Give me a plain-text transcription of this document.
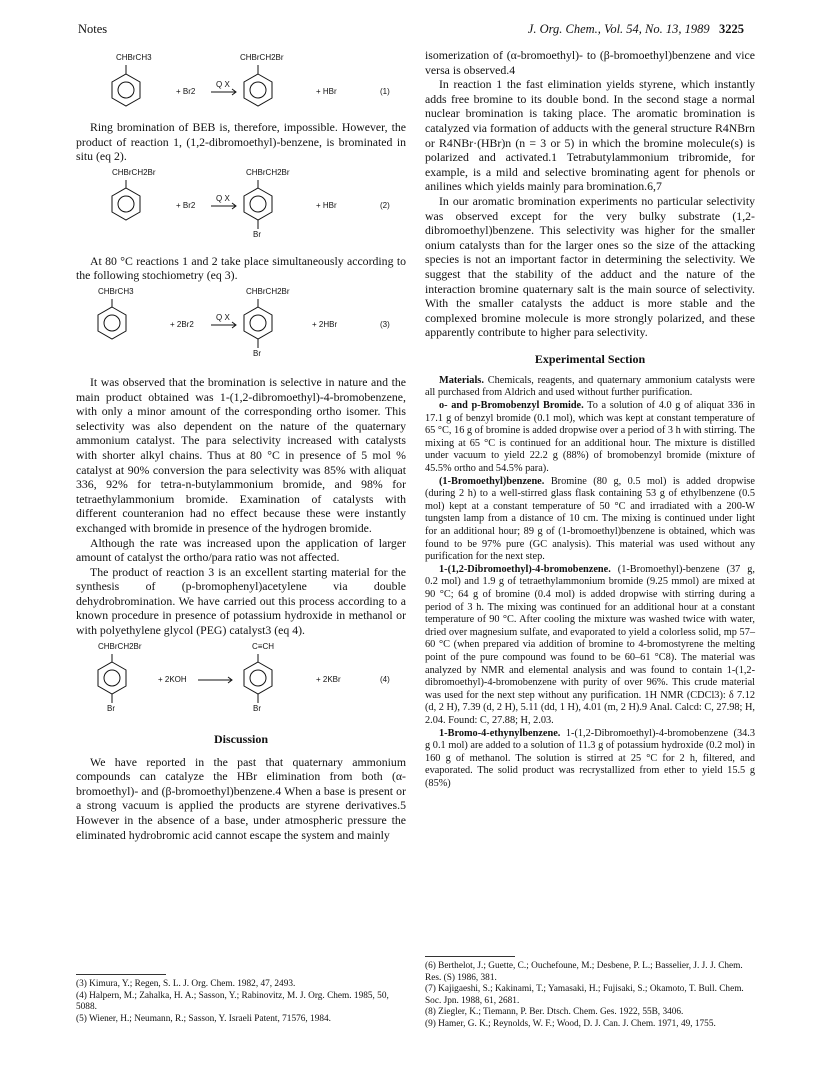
Notes	J. Org. Chem., Vol. 54, No. 13, 1989 3225
CHBrCH3	CHBrCH2Br
+ Br2
Q X
+ HBr	(1)

Ring bromination of BEB is, therefore, impossible. However, the product of reaction 1, (1,2-dibromoethyl)-benzene, is brominated in situ (eq 2).

CHBrCH2Br	CHBrCH2Br
Br
+ Br2
Q X
+ HBr	(2)

At 80 °C reactions 1 and 2 take place simultaneously according to the following stochiometry (eq 3).

CHBrCH3	CHBrCH2Br
Br
+ 2Br2
Q X
+ 2HBr	(3)

It was observed that the bromination is selective in nature and the main product obtained was 1-(1,2-dibromoethyl)-4-bromobenzene, with only a minor amount of the corresponding ortho isomer. This selectivity was also dependent on the nature of the quaternary ammonium catalyst. The para selectivity increased with catalysts with shorter alkyl chains. Thus at 80 °C in presence of 5 mol % catalyst at 90% conversion the para selectivity was 85% with aliquat 336, 92% for tetra-n-butylammonium bromide, and 98% for tetraethylammonium bromide. Examination of catalysts with different counteranion had no effect because these were instantly exchanged with bromide in presence of the hydrogen bromide.

Although the rate was increased upon the application of larger amount of catalyst the ortho/para ratio was not affected.

The product of reaction 3 is an excellent starting material for the synthesis of (p-bromophenyl)acetylene via double dehydrobromination. We have carried out this process according to a known procedure in presence of potassium hydroxide in methanol or with polyethylene glycol (PEG) catalyst3 (eq 4).

CHBrCH2Br	C≡CH
Br	Br
+ 2KOH	+ 2KBr	(4)
Discussion

We have reported in the past that quaternary ammonium compounds can catalyze the HBr elimination from both (α-bromoethyl)- and (β-bromoethyl)benzene.4 When a base is present or a strong vacuum is applied the products are styrene derivatives.5 However in the absence of a base, under atmospheric pressure the eliminated hydrobromic acid cannot escape the system and mainly

(3) Kimura, Y.; Regen, S. L. J. Org. Chem. 1982, 47, 2493.

(4) Halpern, M.; Zahalka, H. A.; Sasson, Y.; Rabinovitz, M. J. Org. Chem. 1985, 50, 5088.

(5) Wiener, H.; Neumann, R.; Sasson, Y. Israeli Patent, 71576, 1984.

isomerization of (α-bromoethyl)- to (β-bromoethyl)benzene and vice versa is observed.4

In reaction 1 the fast elimination yields styrene, which instantly adds free bromine to its double bond. In the second stage a normal nuclear bromination is taking place. The aromatic bromination is catalyzed via formation of adducts with the general structure R4NBrn or R4NBr·(HBr)n (n = 3 or 5) in which the bromine molecule(s) is polarized and activated.1 Tetrabutylammonium tribromide, for example, is a mild and selective brominating agent for phenols or anilines which yields mainly para bromination.6,7

In our aromatic bromination experiments no particular selectivity was observed except for the very bulky substrate (1,2-dibromoethyl)benzene. This selectivity was higher for the smaller onium catalysts than for the larger ones so the size of the attacking species is not an important factor in determining the selectivity. We suggest that the stability of the adduct and the nature of the interaction bromine quaternary salt is the main source of selectivity. With the smaller catalysts the adduct is more stable and the complexed bromine molecule is more strongly polarized, and these apparently contribute to higher para selectivity.

Experimental Section

Materials. Chemicals, reagents, and quaternary ammonium catalysts were all purchased from Aldrich and used without further purification.

o- and p-Bromobenzyl Bromide. To a solution of 4.0 g of aliquat 336 in 17.1 g of benzyl bromide (0.1 mol), which was kept at constant temperature of 65 °C, 16 g of bromine is added dropwise over a period of 3 h with stirring. The mixing at 65 °C is continued for an additional hour. The mixture is distilled under vacuum to yield 22.2 g (88%) of bromobenzyl bromide (mixture of 45.5% ortho and 54.5% para).

(1-Bromoethyl)benzene. Bromine (80 g, 0.5 mol) is added dropwise (during 2 h) to a well-stirred glass flask containing 53 g of ethylbenzene (0.5 mol) kept at a constant temperature of 50 °C and irradiated with a 200-W tungsten lamp from a distance of 10 cm. The mixing is continued under light for an additional hour; 89 g of (1-bromoethyl)benzene is obtained, which was found to be 97% pure (GC analysis). This material was used without any purification for the next step.

1-(1,2-Dibromoethyl)-4-bromobenzene. (1-Bromoethyl)-benzene (37 g, 0.2 mol) and 1.9 g of tetraethylammonium bromide (9.25 mmol) are mixed at 90 °C; 64 g of bromine (0.4 mol) is added dropwise with stirring during a period of 3 h. The mixing was continued for an additional hour at a constant temperature of 90 °C. After cooling the mixture was washed twice with water, dried over magnesium sulfate, and evaporated to yield a colorless solid, mp 57–60 °C (when prepared via addition of bromine to 4-bromostyrene the melting point of the pure compound was found to be 60–61 °C8). The material was analyzed by NMR and elemental analysis and was found to contain 1-(1,2-dibromoethyl)-4-bromobenzene with purity of over 96%. This crude material was used for the next step without any purification. 1H NMR (CDCl3): δ 7.12 (d, 2 H), 7.39 (d, 2 H), 5.11 (dd, 1 H), 4.01 (m, 2 H).9 Anal. Calcd: C, 27.98; H, 2.04. Found: C, 27.88; H, 2.03.

1-Bromo-4-ethynylbenzene. 1-(1,2-Dibromoethyl)-4-bromobenzene (34.3 g 0.1 mol) are added to a solution of 11.3 g of potassium hydroxide (0.2 mol) in 160 g of methanol. The solution is stirred at 25 °C for 2 h, filtered, and evaporated. The solid product was recrystallized from ether to yield 15.5 g (85%)

(6) Berthelot, J.; Guette, C.; Ouchefoune, M.; Desbene, P. L.; Basselier, J. J. J. Chem. Res. (S) 1986, 381.

(7) Kajigaeshi, S.; Kakinami, T.; Yamasaki, H.; Fujisaki, S.; Okamoto, T. Bull. Chem. Soc. Jpn. 1988, 61, 2681.

(8) Ziegler, K.; Tiemann, P. Ber. Dtsch. Chem. Ges. 1922, 55B, 3406.

(9) Hamer, G. K.; Reynolds, W. F.; Wood, D. J. Can. J. Chem. 1971, 49, 1755.
